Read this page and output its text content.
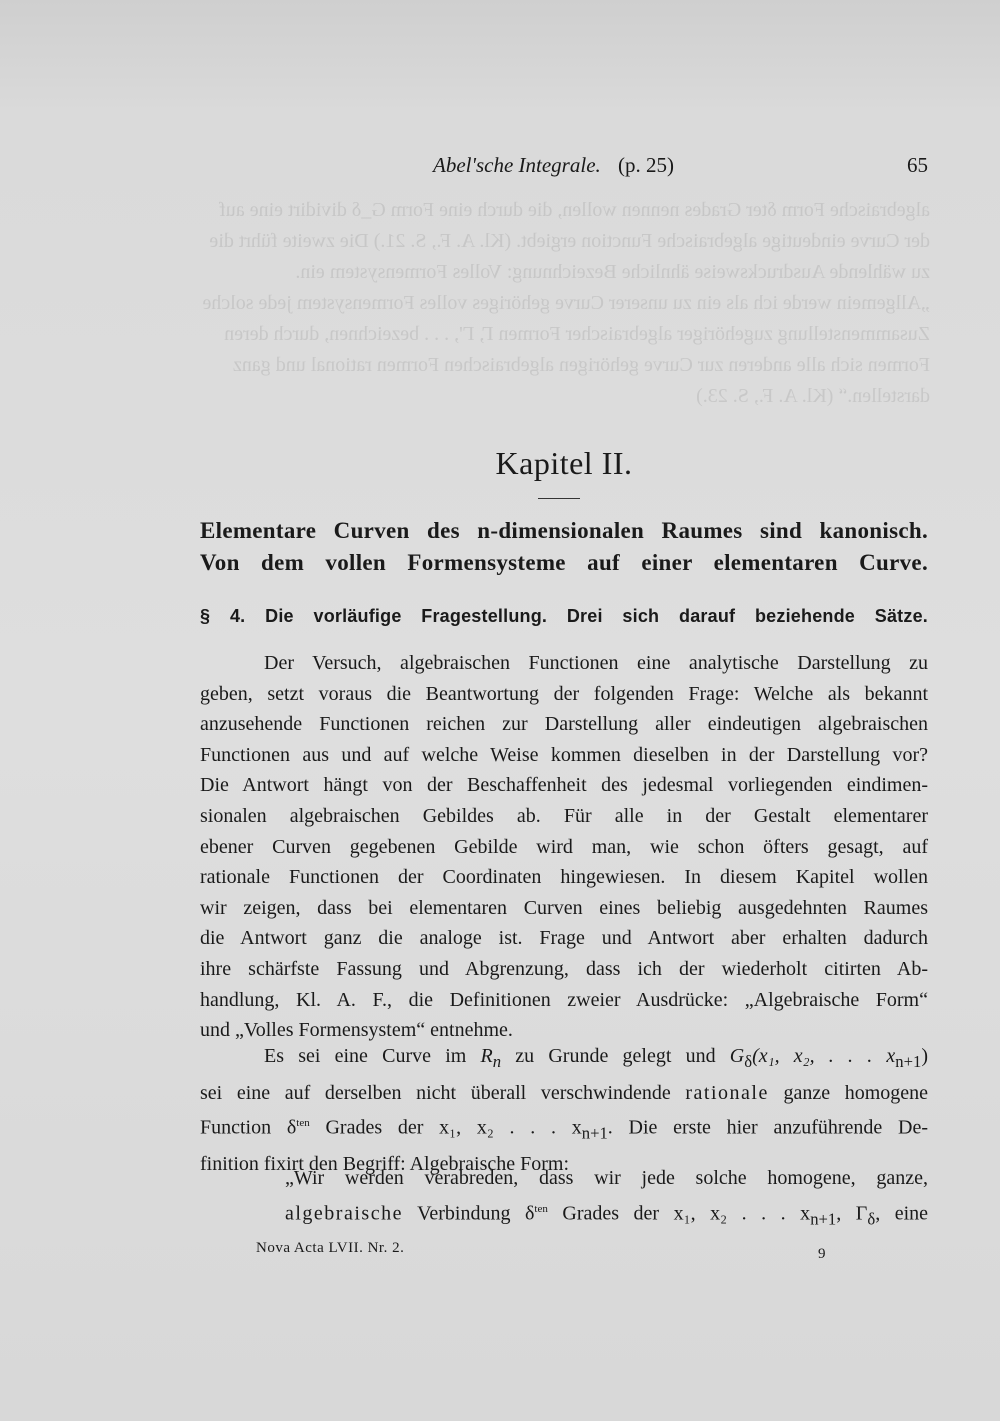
algebraische Form δter Grades nennen wollen, die durch eine Form G_δ dividirt eine auf der Curve eindeutige algebraische Function ergiebt. (Kl. A. F., S. 21.) Die zweite führt die zu wählende Ausdrucksweise ähnliche Bezeichnung: Volles Formensystem ein. „Allgemein werde ich als ein zu unserer Curve gehöriges volles Formensystem jede solche Zusammenstellung zugehöriger algebraischer Formen Γ, Γ', . . . bezeichnen, durch deren Formen sich alle anderen zur Curve gehörigen algebraischen Formen rational und ganz darstellen.“ (Kl. A. F., S. 23.)
Abel'sche Integrale. (p. 25)	65
Kapitel II.
Elementare Curven des n-dimensionalen Raumes sind kanonisch.
Von dem vollen Formensysteme auf einer elementaren Curve.
§ 4. Die vorläufige Fragestellung. Drei sich darauf beziehende Sätze.
Der Versuch, algebraischen Functionen eine analytische Darstellung zu
geben, setzt voraus die Beantwortung der folgenden Frage: Welche als bekannt
anzusehende Functionen reichen zur Darstellung aller eindeutigen algebraischen
Functionen aus und auf welche Weise kommen dieselben in der Darstellung vor?
Die Antwort hängt von der Beschaffenheit des jedesmal vorliegenden eindimen-
sionalen algebraischen Gebildes ab. Für alle in der Gestalt elementarer
ebener Curven gegebenen Gebilde wird man, wie schon öfters gesagt, auf
rationale Functionen der Coordinaten hingewiesen. In diesem Kapitel wollen
wir zeigen, dass bei elementaren Curven eines beliebig ausgedehnten Raumes
die Antwort ganz die analoge ist. Frage und Antwort aber erhalten dadurch
ihre schärfste Fassung und Abgrenzung, dass ich der wiederholt citirten Ab-
handlung, Kl. A. F., die Definitionen zweier Ausdrücke: „Algebraische Form“
und „Volles Formensystem“ entnehme.
Es sei eine Curve im $R_n$ zu Grunde gelegt und $G_\delta(x_1$, x₂, . . . $x_{n+1}$)
sei eine auf derselben nicht überall verschwindende rationale ganze homogene
Function $\delta^{ten}$ Grades der x₁, x₂ . . . $x_{n+1}$. Die erste hier anzuführende De-
finition fixirt den Begriff: Algebraische Form:
„Wir werden verabreden, dass wir jede solche homogene, ganze,
algebraische Verbindung $\delta^{ten}$ Grades der x₁, x₂ . . . $x_{n+1}$, $\Gamma_\delta$, eine
Nova Acta LVII. Nr. 2.	9
